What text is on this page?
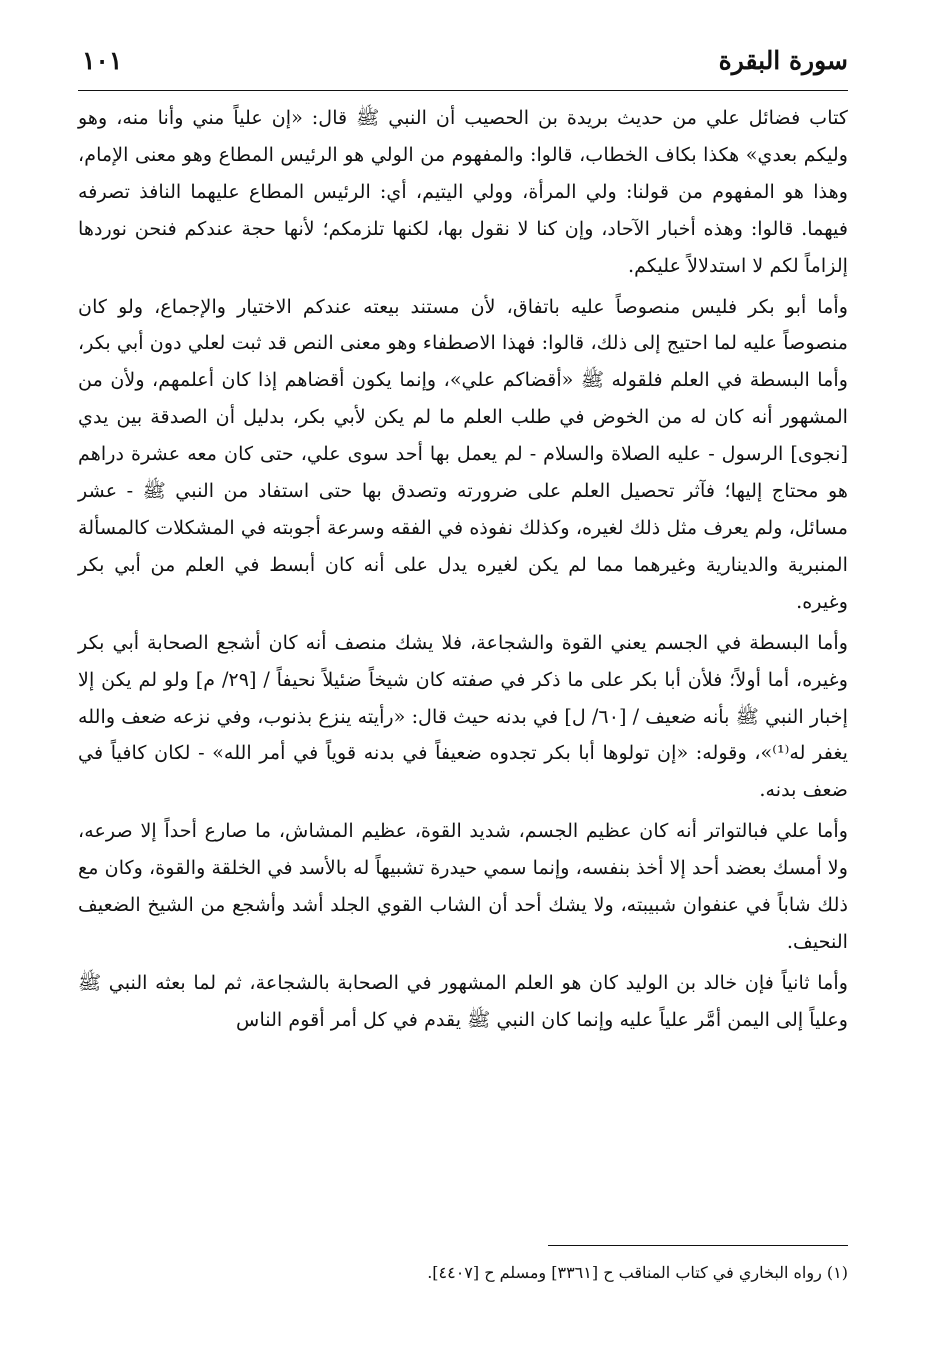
سورة البقرة
١٠١

كتاب فضائل علي من حديث بريدة بن الحصيب أن النبي ﷺ قال: «إن علياً مني وأنا منه، وهو وليكم بعدي» هكذا بكاف الخطاب، قالوا: والمفهوم من الولي هو الرئيس المطاع وهو معنى الإمام، وهذا هو المفهوم من قولنا: ولي المرأة، وولي اليتيم، أي: الرئيس المطاع عليهما النافذ تصرفه فيهما. قالوا: وهذه أخبار الآحاد، وإن كنا لا نقول بها، لكنها تلزمكم؛ لأنها حجة عندكم فنحن نوردها إلزاماً لكم لا استدلالاً عليكم.

وأما أبو بكر فليس منصوصاً عليه باتفاق، لأن مستند بيعته عندكم الاختيار والإجماع، ولو كان منصوصاً عليه لما احتيج إلى ذلك، قالوا: فهذا الاصطفاء وهو معنى النص قد ثبت لعلي دون أبي بكر، وأما البسطة في العلم فلقوله ﷺ «أقضاكم علي»، وإنما يكون أقضاهم إذا كان أعلمهم، ولأن من المشهور أنه كان له من الخوض في طلب العلم ما لم يكن لأبي بكر، بدليل أن الصدقة بين يدي [نجوى] الرسول - عليه الصلاة والسلام - لم يعمل بها أحد سوى علي، حتى كان معه عشرة دراهم هو محتاج إليها؛ فآثر تحصيل العلم على ضرورته وتصدق بها حتى استفاد من النبي ﷺ - عشر مسائل، ولم يعرف مثل ذلك لغيره، وكذلك نفوذه في الفقه وسرعة أجوبته في المشكلات كالمسألة المنبرية والدينارية وغيرهما مما لم يكن لغيره يدل على أنه كان أبسط في العلم من أبي بكر وغيره.

وأما البسطة في الجسم يعني القوة والشجاعة، فلا يشك منصف أنه كان أشجع الصحابة أبي بكر وغيره، أما أولاً؛ فلأن أبا بكر على ما ذكر في صفته كان شيخاً ضئيلاً نحيفاً / [٢٩/ م] ولو لم يكن إلا إخبار النبي ﷺ بأنه ضعيف / [٦٠/ ل] في بدنه حيث قال: «رأيته ينزع بذنوب، وفي نزعه ضعف والله يغفر له⁽¹⁾»، وقوله: «إن تولوها أبا بكر تجدوه ضعيفاً في بدنه قوياً في أمر الله» - لكان كافياً في ضعف بدنه.

وأما علي فبالتواتر أنه كان عظيم الجسم، شديد القوة، عظيم المشاش، ما صارع أحداً إلا صرعه، ولا أمسك بعضد أحد إلا أخذ بنفسه، وإنما سمي حيدرة تشبيهاً له بالأسد في الخلقة والقوة، وكان مع ذلك شاباً في عنفوان شبيبته، ولا يشك أحد أن الشاب القوي الجلد أشد وأشجع من الشيخ الضعيف النحيف.

وأما ثانياً فإن خالد بن الوليد كان هو العلم المشهور في الصحابة بالشجاعة، ثم لما بعثه النبي ﷺ وعلياً إلى اليمن أمَّر علياً عليه وإنما كان النبي ﷺ يقدم في كل أمر أقوم الناس

(١) رواه البخاري في كتاب المناقب ح [٣٣٦١] ومسلم ح [٤٤٠٧].
